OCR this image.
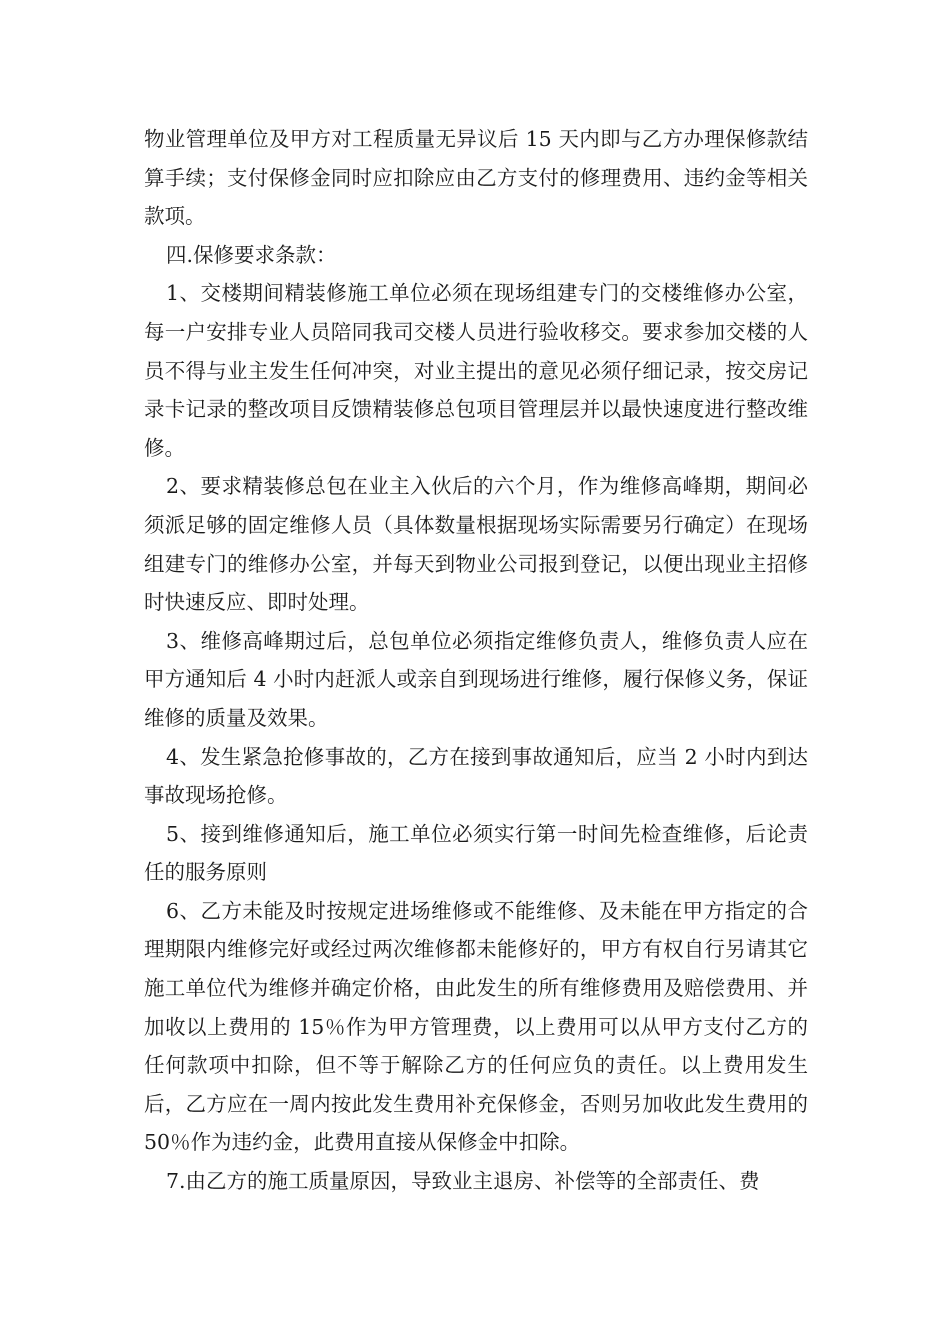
物业管理单位及甲方对工程质量无异议后 15 天内即与乙方办理保修款结算手续；支付保修金同时应扣除应由乙方支付的修理费用、违约金等相关款项。

四.保修要求条款：

1、交楼期间精装修施工单位必须在现场组建专门的交楼维修办公室，每一户安排专业人员陪同我司交楼人员进行验收移交。要求参加交楼的人员不得与业主发生任何冲突，对业主提出的意见必须仔细记录，按交房记录卡记录的整改项目反馈精装修总包项目管理层并以最快速度进行整改维修。

2、要求精装修总包在业主入伙后的六个月，作为维修高峰期，期间必须派足够的固定维修人员（具体数量根据现场实际需要另行确定）在现场组建专门的维修办公室，并每天到物业公司报到登记，以便出现业主招修时快速反应、即时处理。

3、维修高峰期过后，总包单位必须指定维修负责人，维修负责人应在甲方通知后 4 小时内赶派人或亲自到现场进行维修，履行保修义务，保证维修的质量及效果。

4、发生紧急抢修事故的，乙方在接到事故通知后，应当 2 小时内到达事故现场抢修。

5、接到维修通知后，施工单位必须实行第一时间先检查维修，后论责任的服务原则

6、乙方未能及时按规定进场维修或不能维修、及未能在甲方指定的合理期限内维修完好或经过两次维修都未能修好的，甲方有权自行另请其它施工单位代为维修并确定价格，由此发生的所有维修费用及赔偿费用、并加收以上费用的 15％作为甲方管理费，以上费用可以从甲方支付乙方的任何款项中扣除，但不等于解除乙方的任何应负的责任。以上费用发生后，乙方应在一周内按此发生费用补充保修金，否则另加收此发生费用的 50％作为违约金，此费用直接从保修金中扣除。

7.由乙方的施工质量原因，导致业主退房、补偿等的全部责任、费
